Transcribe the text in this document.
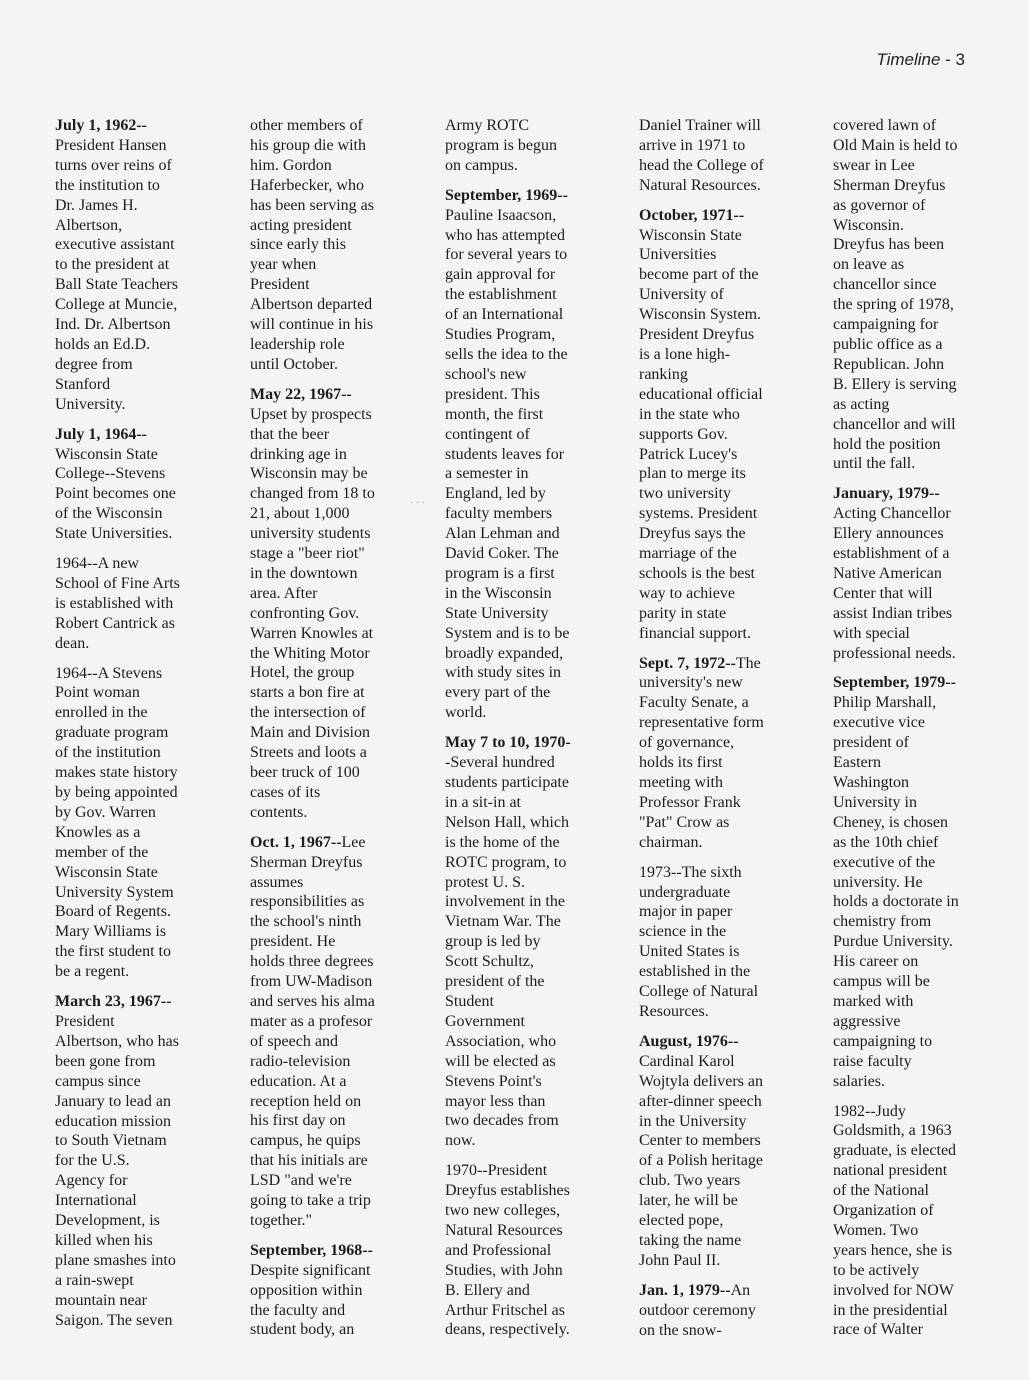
Timeline - 3

July 1, 1962--
President Hansen
turns over reins of
the institution to
Dr. James H.
Albertson,
executive assistant
to the president at
Ball State Teachers
College at Muncie,
Ind. Dr. Albertson
holds an Ed.D.
degree from
Stanford
University.

July 1, 1964--
Wisconsin State
College--Stevens
Point becomes one
of the Wisconsin
State Universities.

1964--A new
School of Fine Arts
is established with
Robert Cantrick as
dean.

1964--A Stevens
Point woman
enrolled in the
graduate program
of the institution
makes state history
by being appointed
by Gov. Warren
Knowles as a
member of the
Wisconsin State
University System
Board of Regents.
Mary Williams is
the first student to
be a regent.

March 23, 1967--
President
Albertson, who has
been gone from
campus since
January to lead an
education mission
to South Vietnam
for the U.S.
Agency for
International
Development, is
killed when his
plane smashes into
a rain-swept
mountain near
Saigon. The seven

other members of
his group die with
him. Gordon
Haferbecker, who
has been serving as
acting president
since early this
year when
President
Albertson departed
will continue in his
leadership role
until October.

May 22, 1967--
Upset by prospects
that the beer
drinking age in
Wisconsin may be
changed from 18 to
21, about 1,000
university students
stage a "beer riot"
in the downtown
area. After
confronting Gov.
Warren Knowles at
the Whiting Motor
Hotel, the group
starts a bon fire at
the intersection of
Main and Division
Streets and loots a
beer truck of 100
cases of its
contents.

Oct. 1, 1967--Lee
Sherman Dreyfus
assumes
responsibilities as
the school's ninth
president. He
holds three degrees
from UW-Madison
and serves his alma
mater as a profesor
of speech and
radio-television
education. At a
reception held on
his first day on
campus, he quips
that his initials are
LSD "and we're
going to take a trip
together."

September, 1968--
Despite significant
opposition within
the faculty and
student body, an

Army ROTC
program is begun
on campus.

September, 1969--
Pauline Isaacson,
who has attempted
for several years to
gain approval for
the establishment
of an International
Studies Program,
sells the idea to the
school's new
president. This
month, the first
contingent of
students leaves for
a semester in
England, led by
faculty members
Alan Lehman and
David Coker. The
program is a first
in the Wisconsin
State University
System and is to be
broadly expanded,
with study sites in
every part of the
world.

May 7 to 10, 1970-
-Several hundred
students participate
in a sit-in at
Nelson Hall, which
is the home of the
ROTC program, to
protest U. S.
involvement in the
Vietnam War. The
group is led by
Scott Schultz,
president of the
Student
Government
Association, who
will be elected as
Stevens Point's
mayor less than
two decades from
now.

1970--President
Dreyfus establishes
two new colleges,
Natural Resources
and Professional
Studies, with John
B. Ellery and
Arthur Fritschel as
deans, respectively.

Daniel Trainer will
arrive in 1971 to
head the College of
Natural Resources.

October, 1971--
Wisconsin State
Universities
become part of the
University of
Wisconsin System.
President Dreyfus
is a lone high-
ranking
educational official
in the state who
supports Gov.
Patrick Lucey's
plan to merge its
two university
systems. President
Dreyfus says the
marriage of the
schools is the best
way to achieve
parity in state
financial support.

Sept. 7, 1972--The
university's new
Faculty Senate, a
representative form
of governance,
holds its first
meeting with
Professor Frank
"Pat" Crow as
chairman.

1973--The sixth
undergraduate
major in paper
science in the
United States is
established in the
College of Natural
Resources.

August, 1976--
Cardinal Karol
Wojtyla delivers an
after-dinner speech
in the University
Center to members
of a Polish heritage
club. Two years
later, he will be
elected pope,
taking the name
John Paul II.

Jan. 1, 1979--An
outdoor ceremony
on the snow-

covered lawn of
Old Main is held to
swear in Lee
Sherman Dreyfus
as governor of
Wisconsin.
Dreyfus has been
on leave as
chancellor since
the spring of 1978,
campaigning for
public office as a
Republican. John
B. Ellery is serving
as acting
chancellor and will
hold the position
until the fall.

January, 1979--
Acting Chancellor
Ellery announces
establishment of a
Native American
Center that will
assist Indian tribes
with special
professional needs.

September, 1979--
Philip Marshall,
executive vice
president of
Eastern
Washington
University in
Cheney, is chosen
as the 10th chief
executive of the
university. He
holds a doctorate in
chemistry from
Purdue University.
His career on
campus will be
marked with
aggressive
campaigning to
raise faculty
salaries.

1982--Judy
Goldsmith, a 1963
graduate, is elected
national president
of the National
Organization of
Women. Two
years hence, she is
to be actively
involved for NOW
in the presidential
race of Walter

· · ·
